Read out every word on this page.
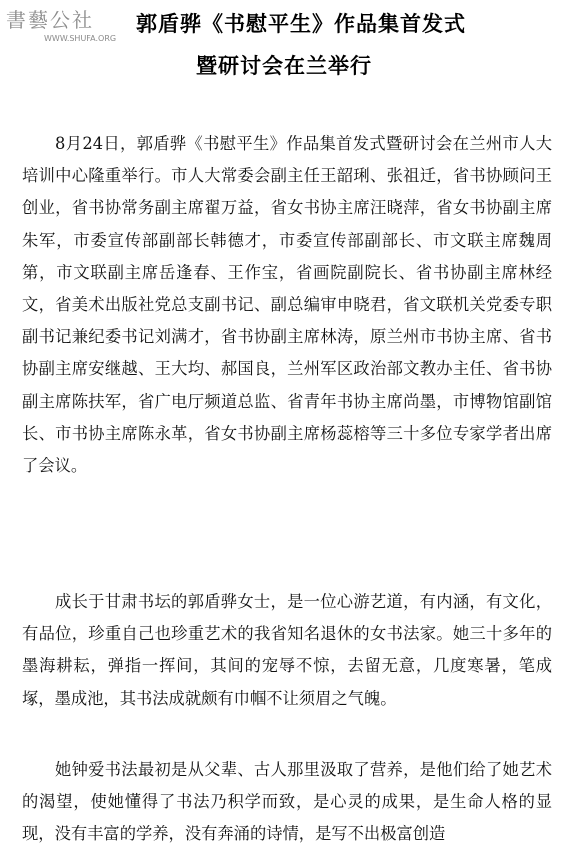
書藝公社
WWW.SHUFA.ORG
郭盾骅《书慰平生》作品集首发式
暨研讨会在兰举行

8月24日，郭盾骅《书慰平生》作品集首发式暨研讨会在兰州市人大培训中心隆重举行。市人大常委会副主任王韶琍、张祖迁，省书协顾问王创业，省书协常务副主席翟万益，省女书协主席汪晓萍，省女书协副主席朱军，市委宣传部副部长韩德才，市委宣传部副部长、市文联主席魏周第，市文联副主席岳逢春、王作宝，省画院副院长、省书协副主席林经文，省美术出版社党总支副书记、副总编审申晓君，省文联机关党委专职副书记兼纪委书记刘满才，省书协副主席林涛，原兰州市书协主席、省书协副主席安继越、王大均、郝国良，兰州军区政治部文教办主任、省书协副主席陈扶军，省广电厅频道总监、省青年书协主席尚墨，市博物馆副馆长、市书协主席陈永革，省女书协副主席杨蕊榕等三十多位专家学者出席了会议。

成长于甘肃书坛的郭盾骅女士，是一位心游艺道，有内涵，有文化，有品位，珍重自己也珍重艺术的我省知名退休的女书法家。她三十多年的墨海耕耘，弹指一挥间，其间的宠辱不惊，去留无意，几度寒暑，笔成塚，墨成池，其书法成就颇有巾帼不让须眉之气魄。

她钟爱书法最初是从父辈、古人那里汲取了营养，是他们给了她艺术的渴望，使她懂得了书法乃积学而致，是心灵的成果，是生命人格的显现，没有丰富的学养，没有奔涌的诗情，是写不出极富创造
